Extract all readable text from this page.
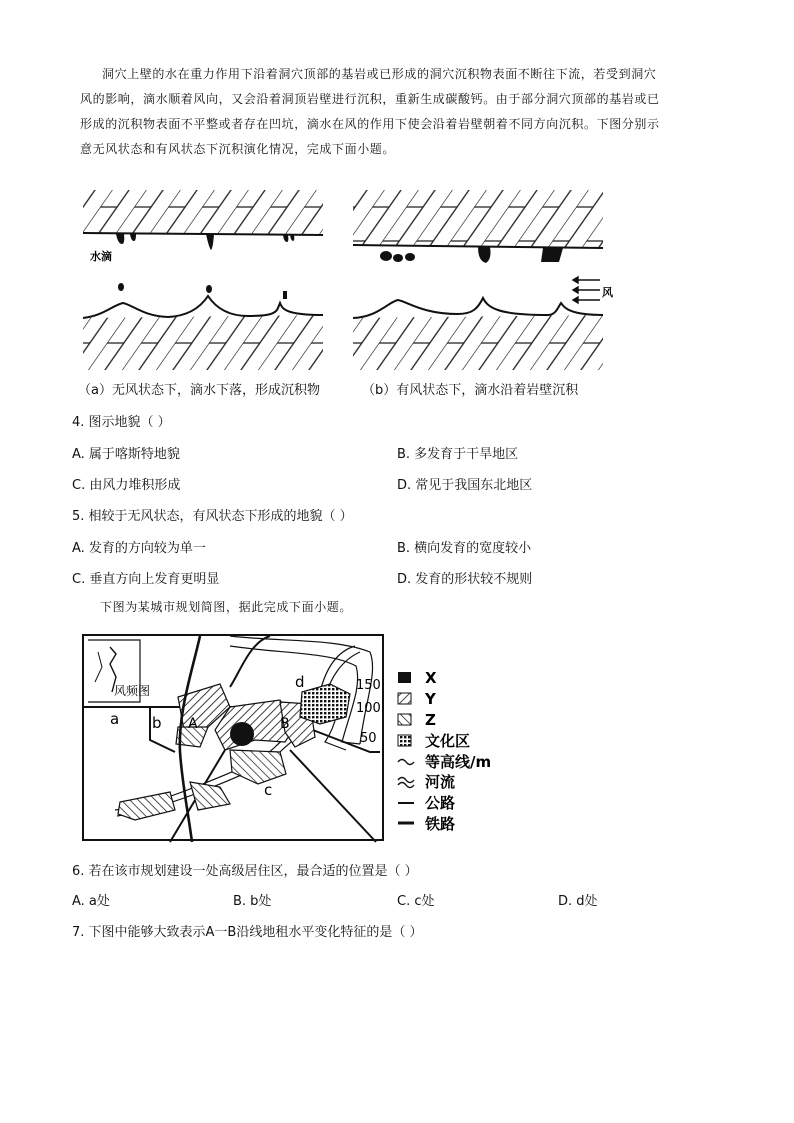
洞穴上壁的水在重力作用下沿着洞穴顶部的基岩或已形成的洞穴沉积物表面不断往下流，若受到洞穴
风的影响，滴水顺着风向，又会沿着洞顶岩壁进行沉积，重新生成碳酸钙。由于部分洞穴顶部的基岩或已
形成的沉积物表面不平整或者存在凹坑，滴水在风的作用下使会沿着岩壁朝着不同方向沉积。下图分别示
意无风状态和有风状态下沉积演化情况，完成下面小题。
水滴
风
（a）无风状态下，滴水下落，形成沉积物	（b）有风状态下，滴水沿着岩壁沉积
4. 图示地貌（ ）
A. 属于喀斯特地貌	B. 多发育于干旱地区
C. 由风力堆积形成	D. 常见于我国东北地区
5. 相较于无风状态，有风状态下形成的地貌（ ）
A. 发育的方向较为单一	B. 横向发育的宽度较小
C. 垂直方向上发育更明显	D. 发育的形状较不规则
下图为某城市规划简图，据此完成下面小题。
150
100
50
风频图
a b
c
d
A	B
X
Y
Z
文化区
等高线/m
河流
公路
铁路
6. 若在该市规划建设一处高级居住区，最合适的位置是（ ）
A. a处	B. b处	C. c处	D. d处
7. 下图中能够大致表示A一B沿线地租水平变化特征的是（ ）
